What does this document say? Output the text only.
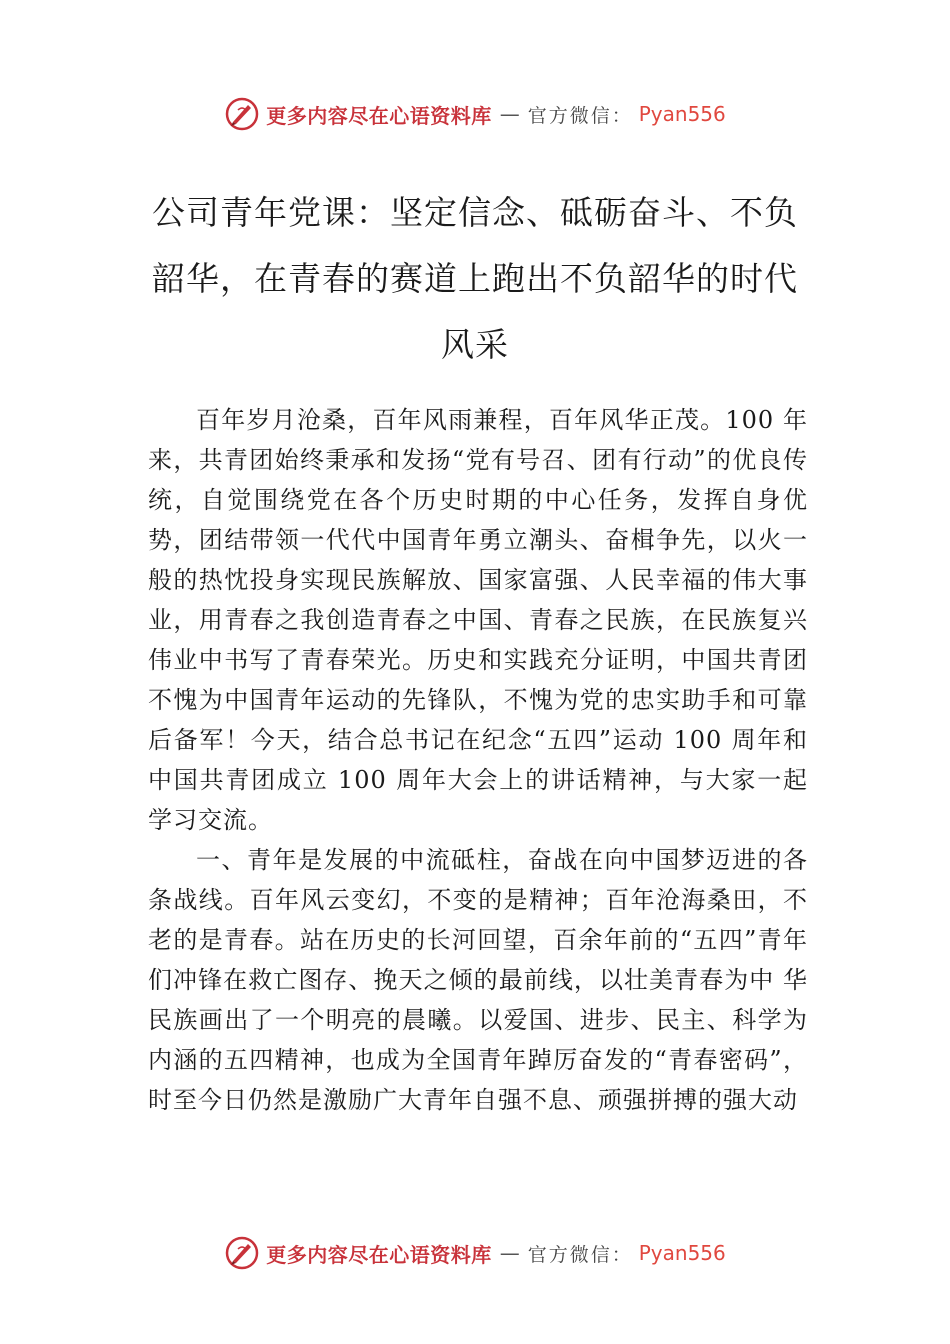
更多内容尽在心语资料库 — 官方微信： Pyan556
公司青年党课：坚定信念、砥砺奋斗、不负韶华，在青春的赛道上跑出不负韶华的时代风采

百年岁月沧桑，百年风雨兼程，百年风华正茂。100 年来，共青团始终秉承和发扬“党有号召、团有行动”的优良传统，自觉围绕党在各个历史时期的中心任务，发挥自身优势，团结带领一代代中国青年勇立潮头、奋楫争先，以火一般的热忱投身实现民族解放、国家富强、人民幸福的伟大事业，用青春之我创造青春之中国、青春之民族，在民族复兴伟业中书写了青春荣光。历史和实践充分证明，中国共青团 不愧为中国青年运动的先锋队，不愧为党的忠实助手和可靠后备军！今天，结合总书记在纪念“五四”运动 100 周年和中国共青团成立 100 周年大会上的讲话精神，与大家一起学习交流。

一、青年是发展的中流砥柱，奋战在向中国梦迈进的各条战线。百年风云变幻，不变的是精神；百年沧海桑田，不老的是青春。站在历史的长河回望，百余年前的“五四”青年们冲锋在救亡图存、挽天之倾的最前线，以壮美青春为中 华民族画出了一个明亮的晨曦。以爱国、进步、民主、科学为内涵的五四精神，也成为全国青年踔厉奋发的“青春密码”，时至今日仍然是激励广大青年自强不息、顽强拼搏的强大动

更多内容尽在心语资料库 — 官方微信： Pyan556
